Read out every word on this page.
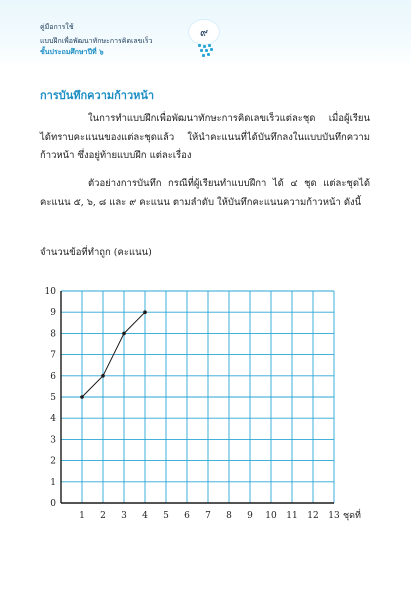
คู่มือการใช้
แบบฝึกเพื่อพัฒนาทักษะการคิดเลขเร็ว
ชั้นประถมศึกษาปีที่ ๖
๙
การบันทึกความก้าวหน้า

ในการทำแบบฝึกเพื่อพัฒนาทักษะการคิดเลขเร็วแต่ละชุด เมื่อผู้เรียนได้ทราบคะแนนของแต่ละชุดแล้ว ให้นำคะแนนที่ได้บันทึกลงในแบบบันทึกความก้าวหน้า ซึ่งอยู่ท้ายแบบฝึก แต่ละเรื่อง

ตัวอย่างการบันทึก กรณีที่ผู้เรียนทำแบบฝึกา ได้ ๔ ชุด แต่ละชุดได้คะแนน ๕, ๖, ๘ และ ๙ คะแนน ตามลำดับ ให้บันทึกคะแนนความก้าวหน้า ดังนี้

จำนวนข้อที่ทำถูก (คะแนน)
0
1
2
3
4
5
6
7
8
9
10
1 2 3 4 5 6 7 8 9 10 11 12 13 ชุดที่
